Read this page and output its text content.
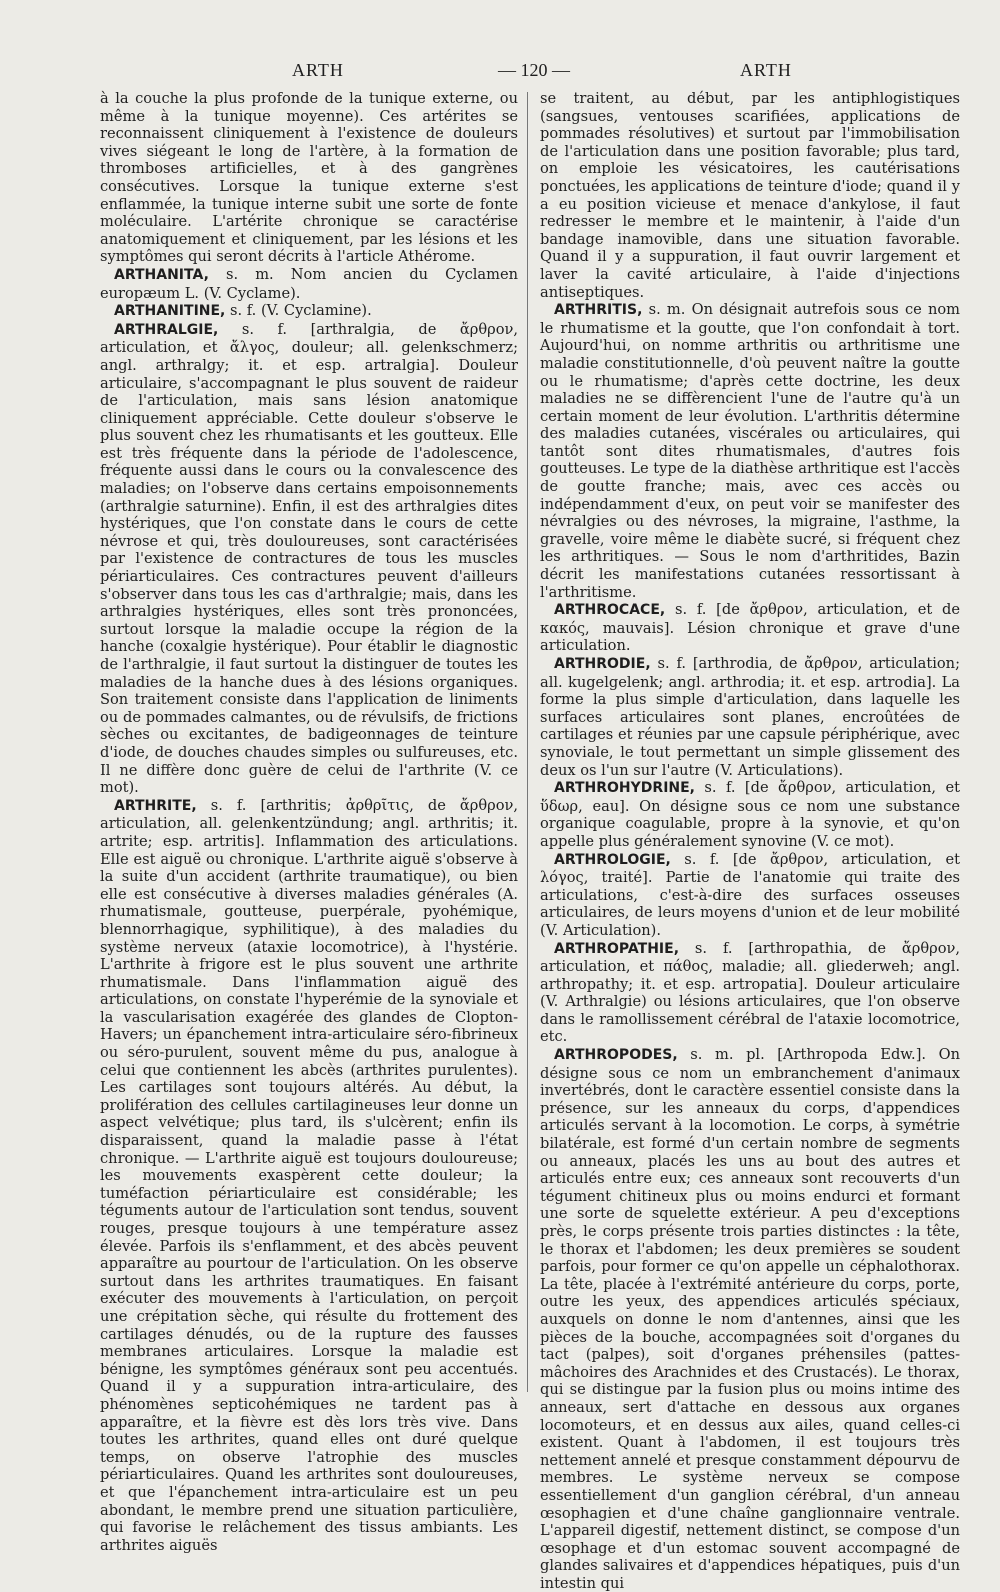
ARTH	— 120 —	ARTH

à la couche la plus profonde de la tunique externe, ou même à la tunique moyenne). Ces artérites se reconnaissent cliniquement à l'existence de douleurs vives siégeant le long de l'artère, à la formation de thromboses artificielles, et à des gangrènes consécutives. Lorsque la tunique externe s'est enflammée, la tunique interne subit une sorte de fonte moléculaire. L'artérite chronique se caractérise anatomiquement et cliniquement, par les lésions et les symptômes qui seront décrits à l'article Athérome.

ARTHANITA, s. m. Nom ancien du Cyclamen europæum L. (V. Cyclame).

ARTHANITINE, s. f. (V. Cyclamine).

ARTHRALGIE, s. f. [arthralgia, de ἄρθρον, articulation, et ἄλγος, douleur; all. gelenkschmerz; angl. arthralgy; it. et esp. artralgia]. Douleur articulaire, s'accompagnant le plus souvent de raideur de l'articulation, mais sans lésion anatomique cliniquement appréciable. Cette douleur s'observe le plus souvent chez les rhumatisants et les goutteux. Elle est très fréquente dans la période de l'adolescence, fréquente aussi dans le cours ou la convalescence des maladies; on l'observe dans certains empoisonnements (arthralgie saturnine). Enfin, il est des arthralgies dites hystériques, que l'on constate dans le cours de cette névrose et qui, très douloureuses, sont caractérisées par l'existence de contractures de tous les muscles périarticulaires. Ces contractures peuvent d'ailleurs s'observer dans tous les cas d'arthralgie; mais, dans les arthralgies hystériques, elles sont très prononcées, surtout lorsque la maladie occupe la région de la hanche (coxalgie hystérique). Pour établir le diagnostic de l'arthralgie, il faut surtout la distinguer de toutes les maladies de la hanche dues à des lésions organiques. Son traitement consiste dans l'application de liniments ou de pommades calmantes, ou de révulsifs, de frictions sèches ou excitantes, de badigeonnages de teinture d'iode, de douches chaudes simples ou sulfureuses, etc. Il ne diffère donc guère de celui de l'arthrite (V. ce mot).

ARTHRITE, s. f. [arthritis; ἀρθρῖτις, de ἄρθρον, articulation, all. gelenkentzündung; angl. arthritis; it. artrite; esp. artritis]. Inflammation des articulations. Elle est aiguë ou chronique. L'arthrite aiguë s'observe à la suite d'un accident (arthrite traumatique), ou bien elle est consécutive à diverses maladies générales (A. rhumatismale, goutteuse, puerpérale, pyohémique, blennorrhagique, syphilitique), à des maladies du système nerveux (ataxie locomotrice), à l'hystérie. L'arthrite à frigore est le plus souvent une arthrite rhumatismale. Dans l'inflammation aiguë des articulations, on constate l'hyperémie de la synoviale et la vascularisation exagérée des glandes de Clopton-Havers; un épanchement intra-articulaire séro-fibrineux ou séro-purulent, souvent même du pus, analogue à celui que contiennent les abcès (arthrites purulentes). Les cartilages sont toujours altérés. Au début, la prolifération des cellules cartilagineuses leur donne un aspect velvétique; plus tard, ils s'ulcèrent; enfin ils disparaissent, quand la maladie passe à l'état chronique. — L'arthrite aiguë est toujours douloureuse; les mouvements exaspèrent cette douleur; la tuméfaction périarticulaire est considérable; les téguments autour de l'articulation sont tendus, souvent rouges, presque toujours à une température assez élevée. Parfois ils s'enflamment, et des abcès peuvent apparaître au pourtour de l'articulation. On les observe surtout dans les arthrites traumatiques. En faisant exécuter des mouvements à l'articulation, on perçoit une crépitation sèche, qui résulte du frottement des cartilages dénudés, ou de la rupture des fausses membranes articulaires. Lorsque la maladie est bénigne, les symptômes généraux sont peu accentués. Quand il y a suppuration intra-articulaire, des phénomènes septicohémiques ne tardent pas à apparaître, et la fièvre est dès lors très vive. Dans toutes les arthrites, quand elles ont duré quelque temps, on observe l'atrophie des muscles périarticulaires. Quand les arthrites sont douloureuses, et que l'épanchement intra-articulaire est un peu abondant, le membre prend une situation particulière, qui favorise le relâchement des tissus ambiants. Les arthrites aiguës

se traitent, au début, par les antiphlogistiques (sangsues, ventouses scarifiées, applications de pommades résolutives) et surtout par l'immobilisation de l'articulation dans une position favorable; plus tard, on emploie les vésicatoires, les cautérisations ponctuées, les applications de teinture d'iode; quand il y a eu position vicieuse et menace d'ankylose, il faut redresser le membre et le maintenir, à l'aide d'un bandage inamovible, dans une situation favorable. Quand il y a suppuration, il faut ouvrir largement et laver la cavité articulaire, à l'aide d'injections antiseptiques.

ARTHRITIS, s. m. On désignait autrefois sous ce nom le rhumatisme et la goutte, que l'on confondait à tort. Aujourd'hui, on nomme arthritis ou arthritisme une maladie constitutionnelle, d'où peuvent naître la goutte ou le rhumatisme; d'après cette doctrine, les deux maladies ne se diffèrencient l'une de l'autre qu'à un certain moment de leur évolution. L'arthritis détermine des maladies cutanées, viscérales ou articulaires, qui tantôt sont dites rhumatismales, d'autres fois goutteuses. Le type de la diathèse arthritique est l'accès de goutte franche; mais, avec ces accès ou indépendamment d'eux, on peut voir se manifester des névralgies ou des névroses, la migraine, l'asthme, la gravelle, voire même le diabète sucré, si fréquent chez les arthritiques. — Sous le nom d'arthritides, Bazin décrit les manifestations cutanées ressortissant à l'arthritisme.

ARTHROCACE, s. f. [de ἄρθρον, articulation, et de κακός, mauvais]. Lésion chronique et grave d'une articulation.

ARTHRODIE, s. f. [arthrodia, de ἄρθρον, articulation; all. kugelgelenk; angl. arthrodia; it. et esp. artrodia]. La forme la plus simple d'articulation, dans laquelle les surfaces articulaires sont planes, encroûtées de cartilages et réunies par une capsule périphérique, avec synoviale, le tout permettant un simple glissement des deux os l'un sur l'autre (V. Articulations).

ARTHROHYDRINE, s. f. [de ἄρθρον, articulation, et ὕδωρ, eau]. On désigne sous ce nom une substance organique coagulable, propre à la synovie, et qu'on appelle plus généralement synovine (V. ce mot).

ARTHROLOGIE, s. f. [de ἄρθρον, articulation, et λόγος, traité]. Partie de l'anatomie qui traite des articulations, c'est-à-dire des surfaces osseuses articulaires, de leurs moyens d'union et de leur mobilité (V. Articulation).

ARTHROPATHIE, s. f. [arthropathia, de ἄρθρον, articulation, et πάθος, maladie; all. gliederweh; angl. arthropathy; it. et esp. artropatia]. Douleur articulaire (V. Arthralgie) ou lésions articulaires, que l'on observe dans le ramollissement cérébral de l'ataxie locomotrice, etc.

ARTHROPODES, s. m. pl. [Arthropoda Edw.]. On désigne sous ce nom un embranchement d'animaux invertébrés, dont le caractère essentiel consiste dans la présence, sur les anneaux du corps, d'appendices articulés servant à la locomotion. Le corps, à symétrie bilatérale, est formé d'un certain nombre de segments ou anneaux, placés les uns au bout des autres et articulés entre eux; ces anneaux sont recouverts d'un tégument chitineux plus ou moins endurci et formant une sorte de squelette extérieur. A peu d'exceptions près, le corps présente trois parties distinctes : la tête, le thorax et l'abdomen; les deux premières se soudent parfois, pour former ce qu'on appelle un céphalothorax. La tête, placée à l'extrémité antérieure du corps, porte, outre les yeux, des appendices articulés spéciaux, auxquels on donne le nom d'antennes, ainsi que les pièces de la bouche, accompagnées soit d'organes du tact (palpes), soit d'organes préhensiles (pattes-mâchoires des Arachnides et des Crustacés). Le thorax, qui se distingue par la fusion plus ou moins intime des anneaux, sert d'attache en dessous aux organes locomoteurs, et en dessus aux ailes, quand celles-ci existent. Quant à l'abdomen, il est toujours très nettement annelé et presque constamment dépourvu de membres. Le système nerveux se compose essentiellement d'un ganglion cérébral, d'un anneau œsophagien et d'une chaîne ganglionnaire ventrale. L'appareil digestif, nettement distinct, se compose d'un œsophage et d'un estomac souvent accompagné de glandes salivaires et d'appendices hépatiques, puis d'un intestin qui
